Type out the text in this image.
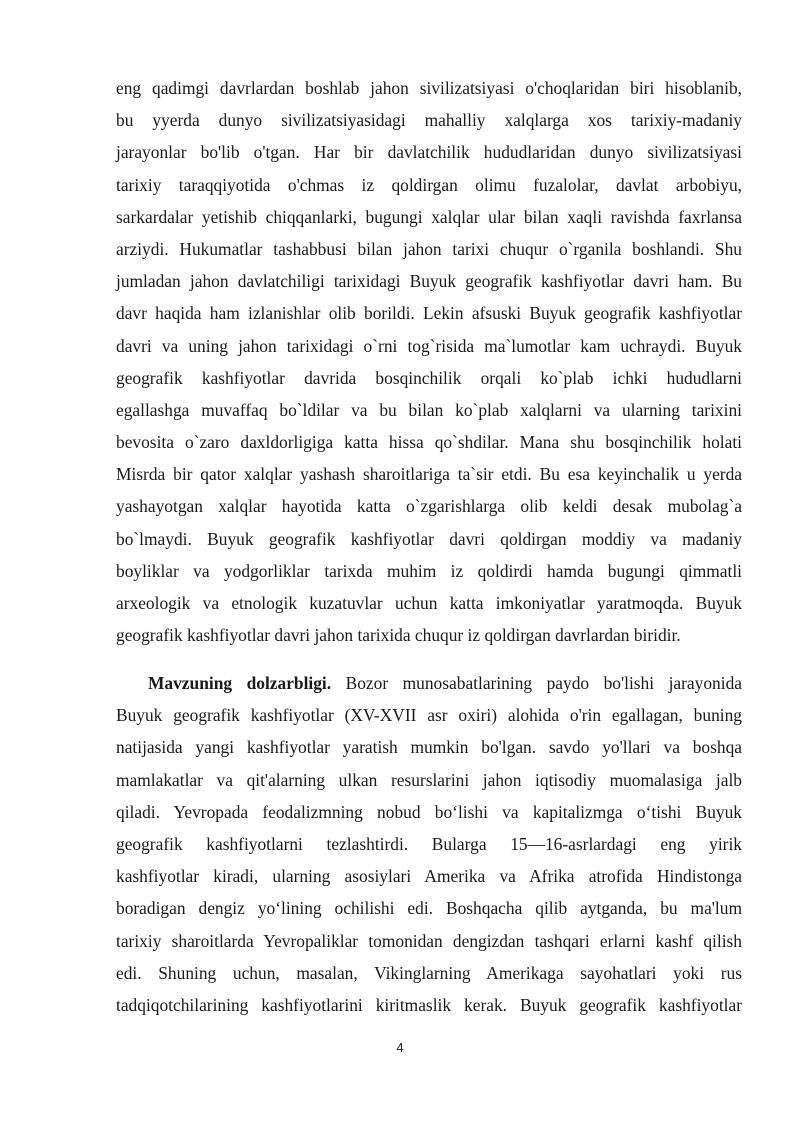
eng qadimgi davrlardan boshlab jahon sivilizatsiyasi o'choqlaridan biri hisoblanib,
bu yyerda dunyo sivilizatsiyasidagi mahalliy xalqlarga xos tarixiy-madaniy
jarayonlar bo'lib o'tgan. Har bir davlatchilik hududlaridan dunyo sivilizatsiyasi
tarixiy taraqqiyotida o'chmas iz qoldirgan olimu fuzalolar, davlat arbobiyu,
sarkardalar yetishib chiqqanlarki, bugungi xalqlar ular bilan xaqli ravishda faxrlansa
arziydi. Hukumatlar tashabbusi bilan jahon tarixi chuqur o`rganila boshlandi. Shu
jumladan jahon davlatchiligi tarixidagi Buyuk geografik kashfiyotlar davri ham. Bu
davr haqida ham izlanishlar olib borildi. Lekin afsuski Buyuk geografik kashfiyotlar
davri va uning jahon tarixidagi o`rni tog`risida ma`lumotlar kam uchraydi. Buyuk
geografik kashfiyotlar davrida bosqinchilik orqali ko`plab ichki hududlarni
egallashga muvaffaq bo`ldilar va bu bilan ko`plab xalqlarni va ularning tarixini
bevosita o`zaro daxldorligiga katta hissa qo`shdilar. Mana shu bosqinchilik holati
Misrda bir qator xalqlar yashash sharoitlariga ta`sir etdi. Bu esa keyinchalik u yerda
yashayotgan xalqlar hayotida katta o`zgarishlarga olib keldi desak mubolag`a
bo`lmaydi. Buyuk geografik kashfiyotlar davri qoldirgan moddiy va madaniy
boyliklar va yodgorliklar tarixda muhim iz qoldirdi hamda bugungi qimmatli
arxeologik va etnologik kuzatuvlar uchun katta imkoniyatlar yaratmoqda. Buyuk
geografik kashfiyotlar davri jahon tarixida chuqur iz qoldirgan davrlardan biridir.
Mavzuning dolzarbligi. Bozor munosabatlarining paydo bo'lishi jarayonida
Buyuk geografik kashfiyotlar (XV-XVII asr oxiri) alohida o'rin egallagan, buning
natijasida yangi kashfiyotlar yaratish mumkin bo'lgan. savdo yo'llari va boshqa
mamlakatlar va qit'alarning ulkan resurslarini jahon iqtisodiy muomalasiga jalb
qiladi. Yevropada feodalizmning nobud bo‘lishi va kapitalizmga o‘tishi Buyuk
geografik kashfiyotlarni tezlashtirdi. Bularga 15—16-asrlardagi eng yirik
kashfiyotlar kiradi, ularning asosiylari Amerika va Afrika atrofida Hindistonga
boradigan dengiz yo‘lining ochilishi edi. Boshqacha qilib aytganda, bu ma'lum
tarixiy sharoitlarda Yevropaliklar tomonidan dengizdan tashqari erlarni kashf qilish
edi. Shuning uchun, masalan, Vikinglarning Amerikaga sayohatlari yoki rus
tadqiqotchilarining kashfiyotlarini kiritmaslik kerak. Buyuk geografik kashfiyotlar
4
